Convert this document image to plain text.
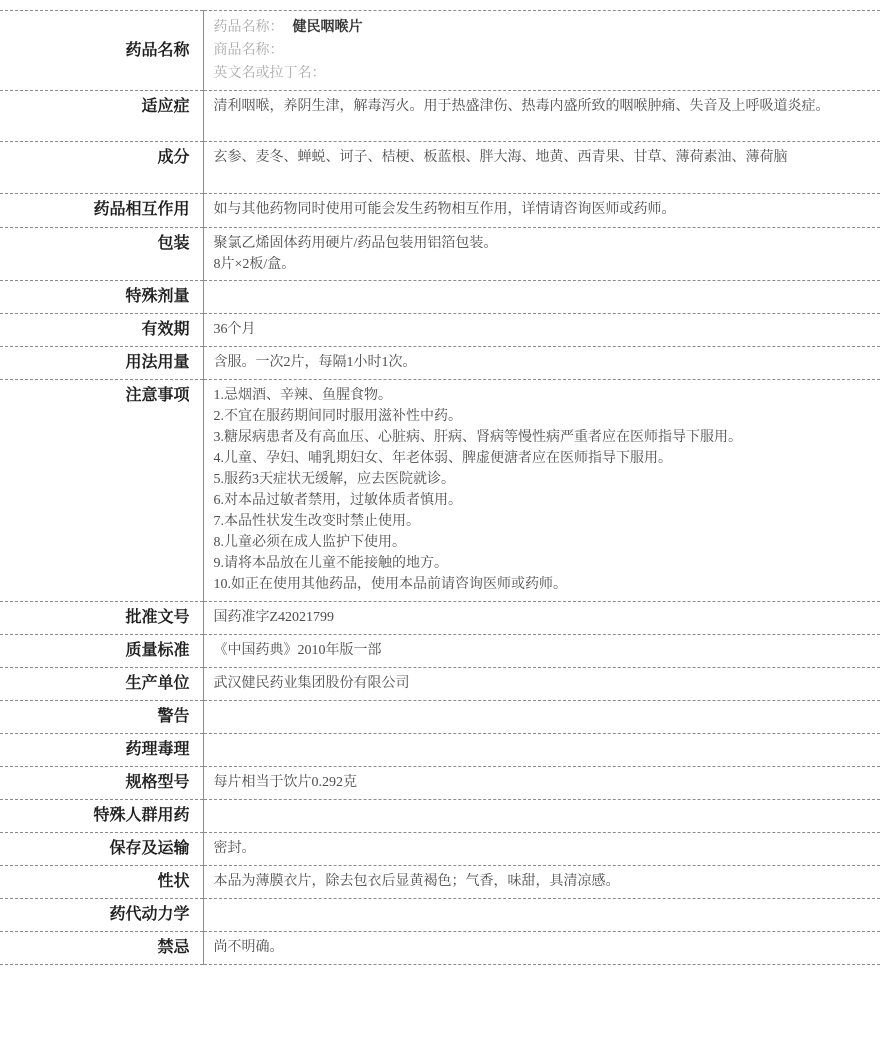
药品名称	药品名称： 健民咽喉片
商品名称：
英文名或拉丁名：

适应症	清利咽喉，养阴生津，解毒泻火。用于热盛津伤、热毒内盛所致的咽喉肿痛、失音及上呼吸道炎症。

成分	玄参、麦冬、蝉蜕、诃子、桔梗、板蓝根、胖大海、地黄、西青果、甘草、薄荷素油、薄荷脑

药品相互作用	如与其他药物同时使用可能会发生药物相互作用，详情请咨询医师或药师。

包装	聚氯乙烯固体药用硬片/药品包装用铝箔包装。
8片×2板/盒。

特殊剂量	
有效期	36个月

用法用量	含服。一次2片，每隔1小时1次。

注意事项	1.忌烟酒、辛辣、鱼腥食物。
2.不宜在服药期间同时服用滋补性中药。
3.糖尿病患者及有高血压、心脏病、肝病、肾病等慢性病严重者应在医师指导下服用。
4.儿童、孕妇、哺乳期妇女、年老体弱、脾虚便溏者应在医师指导下服用。
5.服药3天症状无缓解，应去医院就诊。
6.对本品过敏者禁用，过敏体质者慎用。
7.本品性状发生改变时禁止使用。
8.儿童必须在成人监护下使用。
9.请将本品放在儿童不能接触的地方。
10.如正在使用其他药品，使用本品前请咨询医师或药师。

批准文号	国药准字Z42021799

质量标准	《中国药典》2010年版一部

生产单位	武汉健民药业集团股份有限公司

警告	
药理毒理	
规格型号	每片相当于饮片0.292克

特殊人群用药	
保存及运输	密封。

性状	本品为薄膜衣片，除去包衣后显黄褐色；气香，味甜，具清凉感。

药代动力学	
禁忌	尚不明确。
